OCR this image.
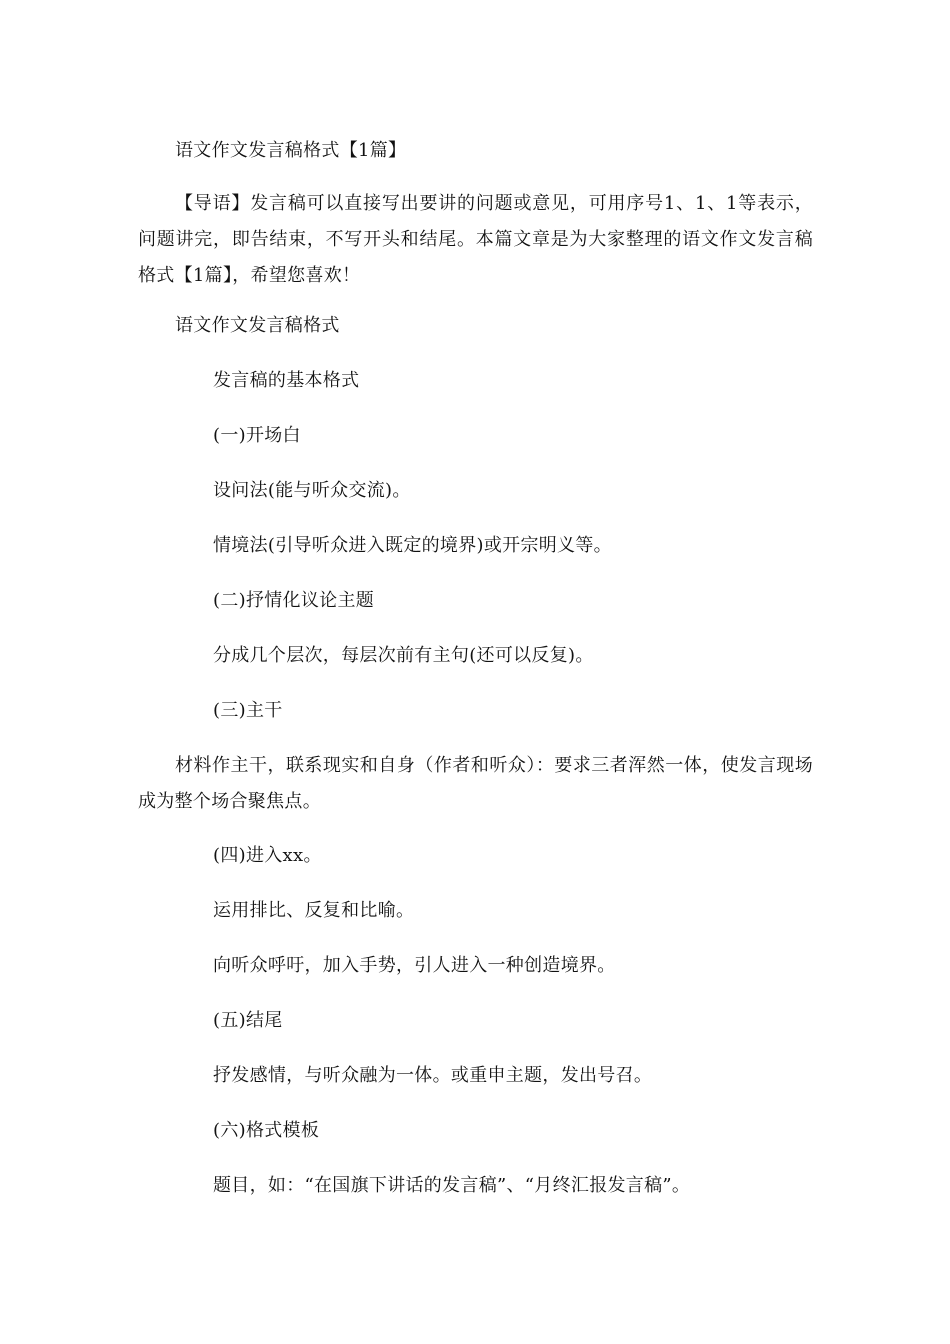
语文作文发言稿格式【1篇】
【导语】发言稿可以直接写出要讲的问题或意见，可用序号1、1、1等表示，问题讲完，即告结束，不写开头和结尾。本篇文章是为大家整理的语文作文发言稿格式【1篇】，希望您喜欢！
语文作文发言稿格式
发言稿的基本格式
(一)开场白
设问法(能与听众交流)。
情境法(引导听众进入既定的境界)或开宗明义等。
(二)抒情化议论主题
分成几个层次，每层次前有主句(还可以反复)。
(三)主干
材料作主干，联系现实和自身（作者和听众）：要求三者浑然一体，使发言现场成为整个场合聚焦点。
(四)进入xx。
运用排比、反复和比喻。
向听众呼吁，加入手势，引人进入一种创造境界。
(五)结尾
抒发感情，与听众融为一体。或重申主题，发出号召。
(六)格式模板
题目，如：“在国旗下讲话的发言稿”、“月终汇报发言稿”。
